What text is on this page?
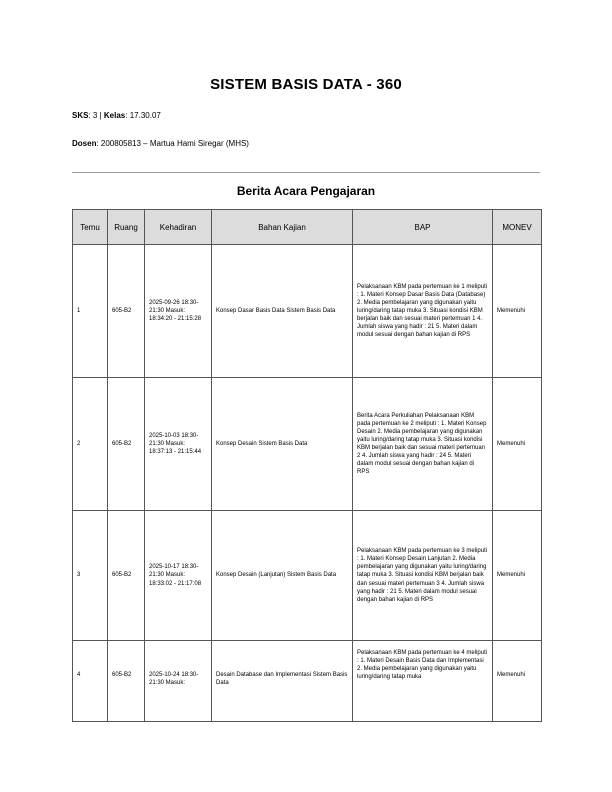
SISTEM BASIS DATA - 360
SKS: 3 | Kelas: 17.30.07
Dosen: 200805813 – Martua Hami Siregar (MHS)
Berita Acara Pengajaran
Temu	Ruang	Kehadiran	Bahan Kajian	BAP	MONEV
1	605-B2	2025-09-26 18:30-21:30 Masuk: 18:34:20 - 21:15:28	Konsep Dasar Basis Data Sistem Basis Data	Pelaksanaan KBM pada pertemuan ke 1 meliputi : 1. Materi Konsep Dasar Basis Data (Database) 2. Media pembelajaran yang digunakan yaitu luring/daring tatap muka 3. Situasi kondisi KBM berjalan baik dan sesuai materi pertemuan 1 4. Jumlah siswa yang hadir : 21 5. Materi dalam modul sesuai dengan bahan kajian di RPS	Memenuhi
2	605-B2	2025-10-03 18:30-21:30 Masuk: 18:37:13 - 21:15:44	Konsep Desain Sistem Basis Data	Berita Acara Perkuliahan Pelaksanaan KBM pada pertemuan ke 2 meliputi : 1. Materi Konsep Desain 2. Media pembelajaran yang digunakan yaitu luring/daring tatap muka 3. Situasi kondisi KBM berjalan baik dan sesuai materi pertemuan 2 4. Jumlah siswa yang hadir : 24 5. Materi dalam modul sesuai dengan bahan kajian di RPS	Memenuhi
3	605-B2	2025-10-17 18:30-21:30 Masuk: 18:33:02 - 21:17:08	Konsep Desain (Lanjutan) Sistem Basis Data	Pelaksanaan KBM pada pertemuan ke 3 meliputi : 1. Materi Konsep Desain Lanjutan 2. Media pembelajaran yang digunakan yaitu luring/daring tatap muka 3. Situasi kondisi KBM berjalan baik dan sesuai materi pertemuan 3 4. Jumlah siswa yang hadir : 21 5. Materi dalam modul sesuai dengan bahan kajian di RPS	Memenuhi
4	605-B2	2025-10-24 18:30-21:30 Masuk:	Desain Database dan Implementasi Sistem Basis Data	Pelaksanaan KBM pada pertemuan ke 4 meliputi : 1. Materi Desain Basis Data dan Implementasi 2. Media pembelajaran yang digunakan yaitu luring/daring tatap muka	Memenuhi
